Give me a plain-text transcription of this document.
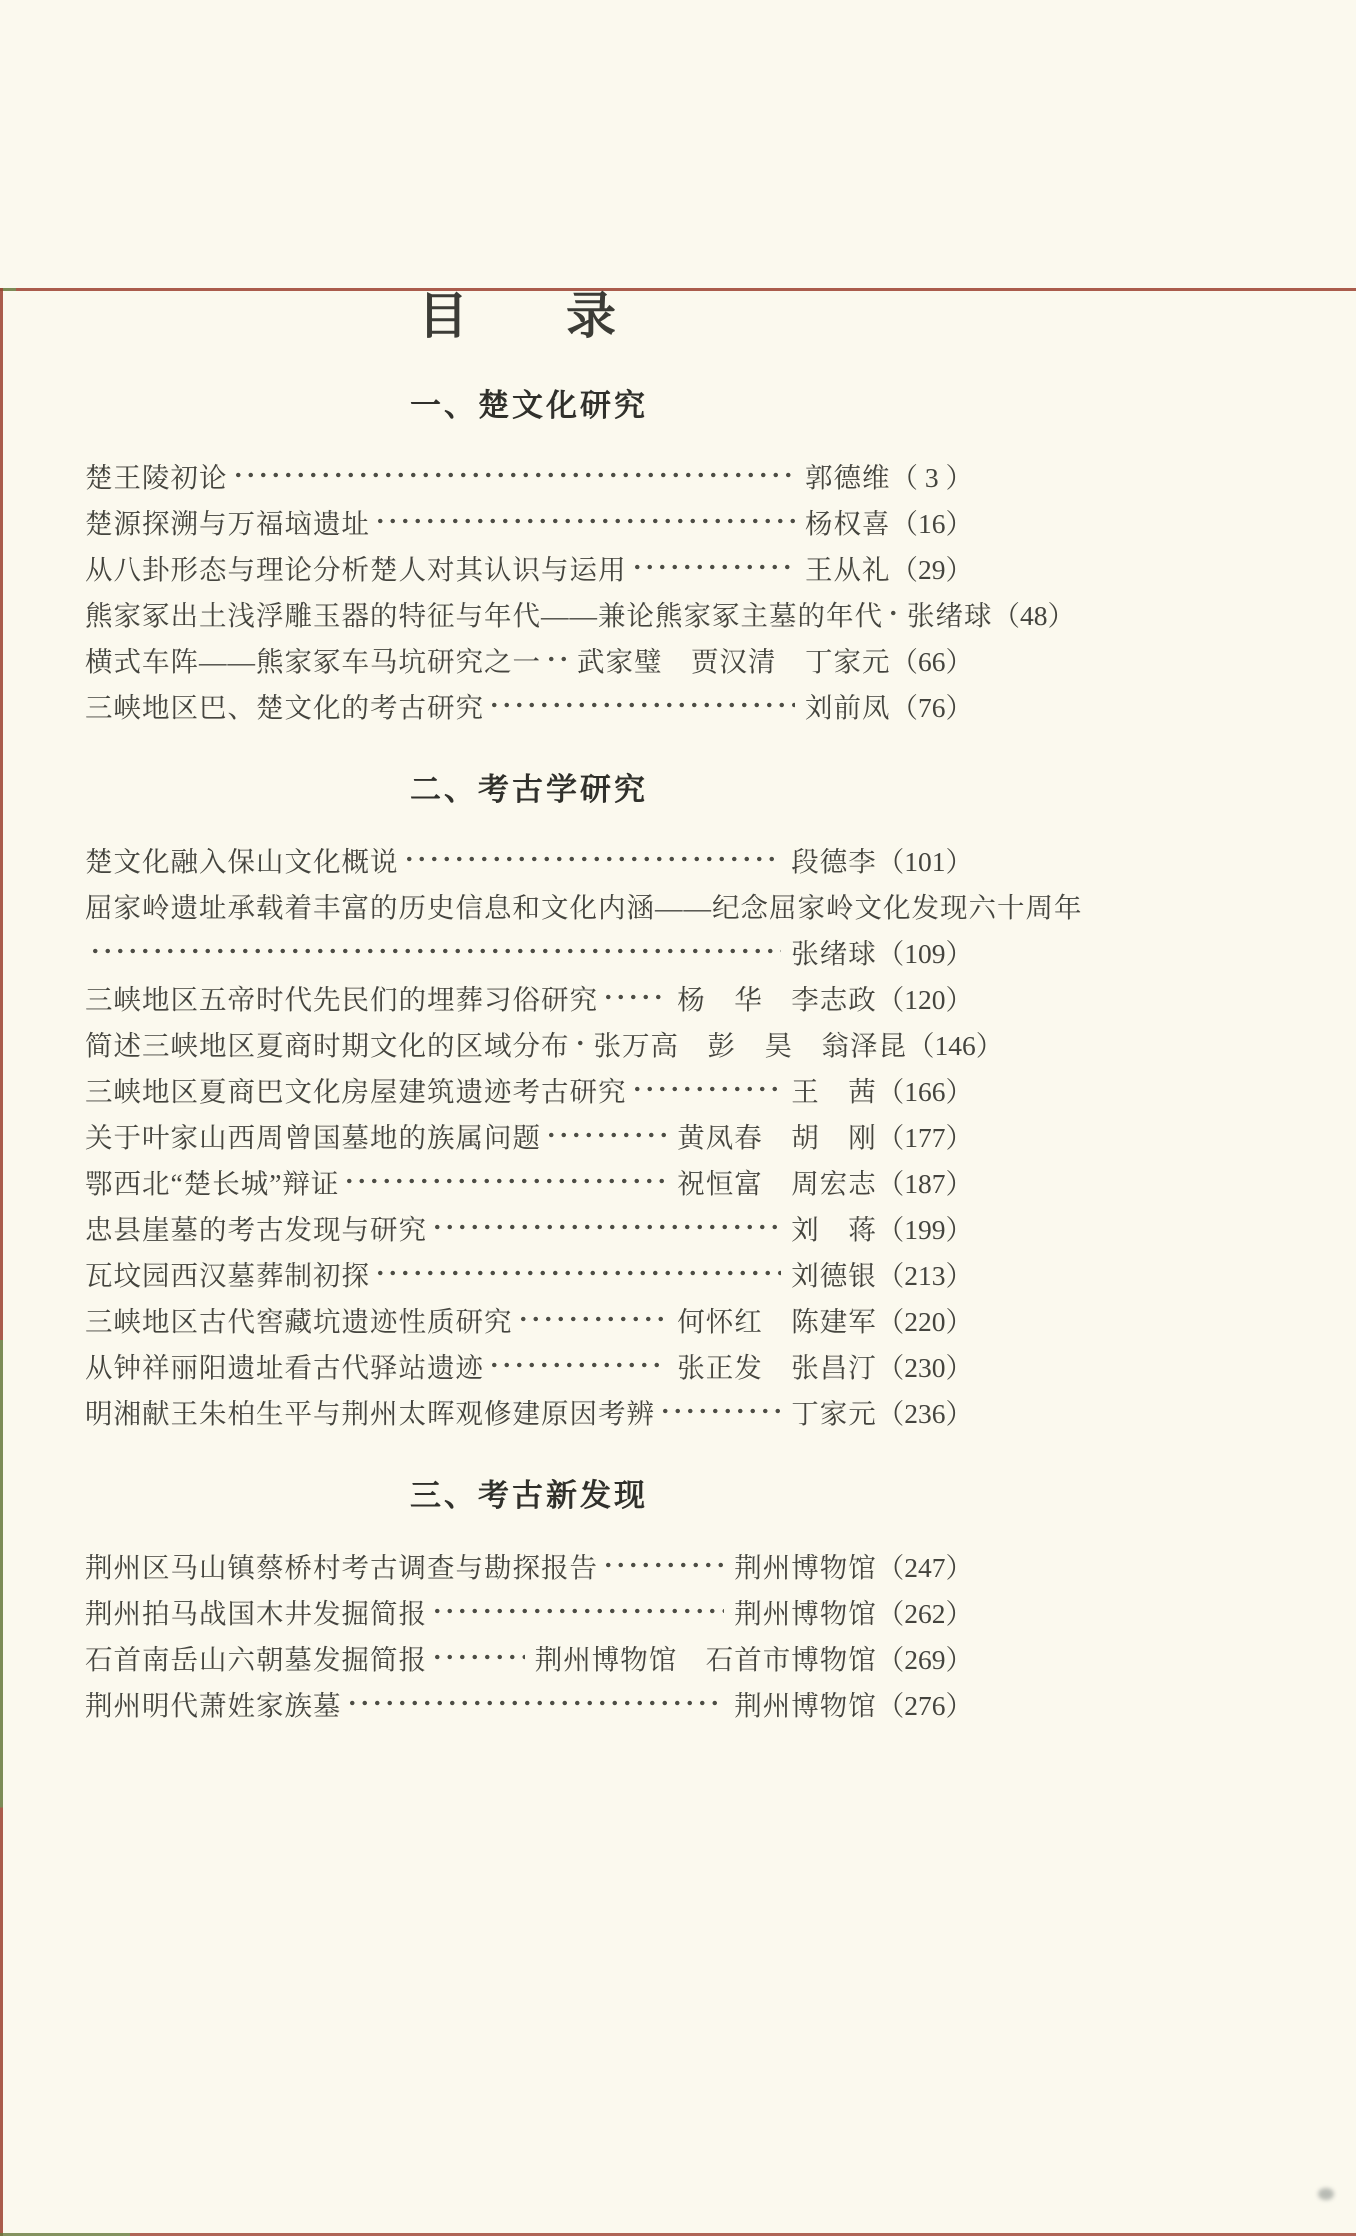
目　录
一、楚文化研究
楚王陵初论	郭德维 （ 3 ）
楚源探溯与万福垴遗址	杨权喜 （16）
从八卦形态与理论分析楚人对其认识与运用	王从礼 （29）
熊家冢出土浅浮雕玉器的特征与年代——兼论熊家冢主墓的年代 张绪球 （48）
横式车阵——熊家冢车马坑研究之一 武家璧　贾汉清　丁家元 （66）
三峡地区巴、楚文化的考古研究	刘前凤 （76）
二、考古学研究
楚文化融入保山文化概说	段德李 （101）
屈家岭遗址承载着丰富的历史信息和文化内涵——纪念屈家岭文化发现六十周年
张绪球 （109）
三峡地区五帝时代先民们的埋葬习俗研究	杨　华　李志政 （120）
简述三峡地区夏商时期文化的区域分布 张万高　彭　昊　翁泽昆 （146）
三峡地区夏商巴文化房屋建筑遗迹考古研究	王　茜 （166）
关于叶家山西周曾国墓地的族属问题	黄凤春　胡　刚 （177）
鄂西北“楚长城”辩证	祝恒富　周宏志 （187）
忠县崖墓的考古发现与研究	刘　蒋 （199）
瓦坟园西汉墓葬制初探	刘德银 （213）
三峡地区古代窖藏坑遗迹性质研究	何怀红　陈建军 （220）
从钟祥丽阳遗址看古代驿站遗迹	张正发　张昌汀 （230）
明湘献王朱柏生平与荆州太晖观修建原因考辨	丁家元 （236）
三、考古新发现
荆州区马山镇蔡桥村考古调查与勘探报告	荆州博物馆 （247）
荆州拍马战国木井发掘简报	荆州博物馆 （262）
石首南岳山六朝墓发掘简报	荆州博物馆　石首市博物馆 （269）
荆州明代萧姓家族墓	荆州博物馆 （276）
